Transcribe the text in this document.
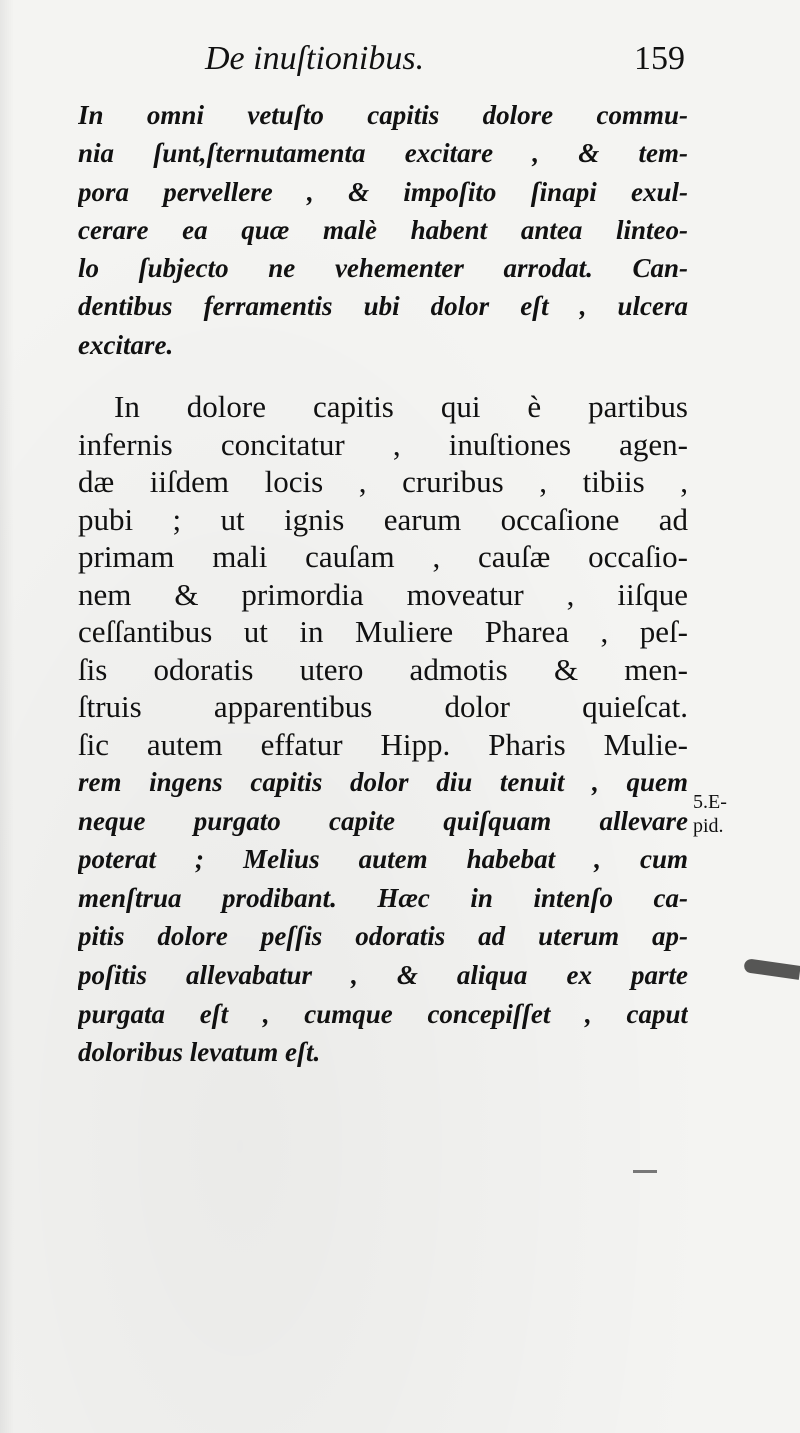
De inuſtionibus.	159
In omni vetuſto capitis dolore commu-
nia ſunt,ſternutamenta excitare , & tem-
pora pervellere , & impoſito ſinapi exul-
cerare ea quæ malè habent antea linteo-
lo ſubjecto ne vehementer arrodat. Can-
dentibus ferramentis ubi dolor eſt , ulcera
excitare.
In dolore capitis qui è partibus
infernis concitatur , inuſtiones agen-
dæ iiſdem locis , cruribus , tibiis ,
pubi ; ut ignis earum occaſione ad
primam mali cauſam , cauſæ occaſio-
nem & primordia moveatur , iiſque
ceſſantibus ut in Muliere Pharea , peſ-
ſis odoratis utero admotis & men-
ſtruis apparentibus dolor quieſcat.
ſic autem effatur Hipp. Pharis Mulie-
rem ingens capitis dolor diu tenuit , quem
neque purgato capite quiſquam allevare
poterat ; Melius autem habebat , cum
menſtrua prodibant. Hæc in intenſo ca-
pitis dolore peſſis odoratis ad uterum ap-
poſitis allevabatur , & aliqua ex parte
purgata eſt , cumque concepiſſet , caput
doloribus levatum eſt.
5.E-
pid.
